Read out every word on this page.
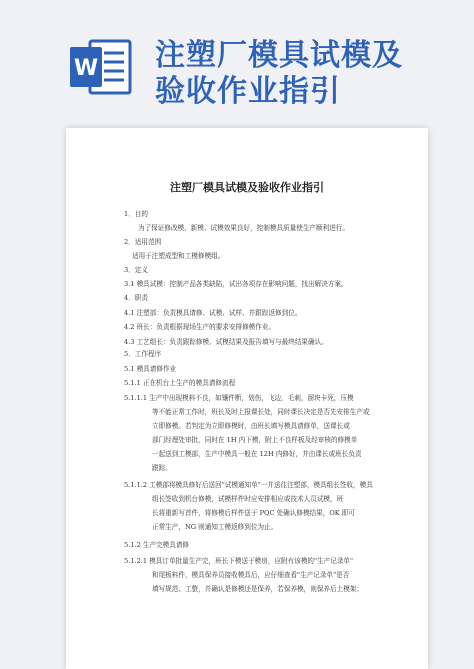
W 注塑厂模具试模及
验收作业指引
注塑厂模具试模及验收作业指引
1．目的
为了保证修改模、新模、试模效果良好，控制模具质量使生产顺利进行。
2．适用范围
适用于注塑成型和工模修模组。
3．定义
3.1 模具试模：控制产品各类缺陷，试出各项存在影响问题，找出解决方案。
4．职责
4.1 注塑部：负责模具请修、试模、试样、并跟踪返修到位。
4.2 班长：负责根据现场生产的要求安排修模作业。
4.3 工艺组长：负责跟踪修模、试模结果及报告填写与最终结果确认。
5．工作程序
5.1 模具请修作业
5.1.1 正在机台上生产的模具请修流程
5.1.1.1 生产中出现模料不良，如镶件断，划伤，飞边，毛刺，溜块卡死，压模
等不能正常工作时，班长及时上报课长处，同时课长决定是否先安排生产或
立即修模。若判定为立即修模时，由班长填写模具请修单，送课长或
部门经理处审批，同时在 1H 内下模，附上不良样板及经审核的修模单
一起送到工模部，生产中模具一般在 12H 内修好，并由课长或班长负责
跟踪。
5.1.1.2 工模部将模具修好后送回"试模通知单"一并送往注塑部，模具组长签收，模具
组长签收到机台修模，试模样件时应安排相应或技术人员试模，班
长将重新写首件，将修模后样件送于 PQC 处确认修模结果，OK 即可
正常生产，NG 则通知工模返修到位为止。
5.1.2 生产完模具请修
5.1.2.1 模具订单批量生产完，班长下模送于模房，应附有该模的"生产记录单"
和尾板料件，模具保养员接收模具后，应仔细查看"生产记录单"是否
填写规范、工整，并确认是修模还是保养，若保养模，则保养后上模架；
